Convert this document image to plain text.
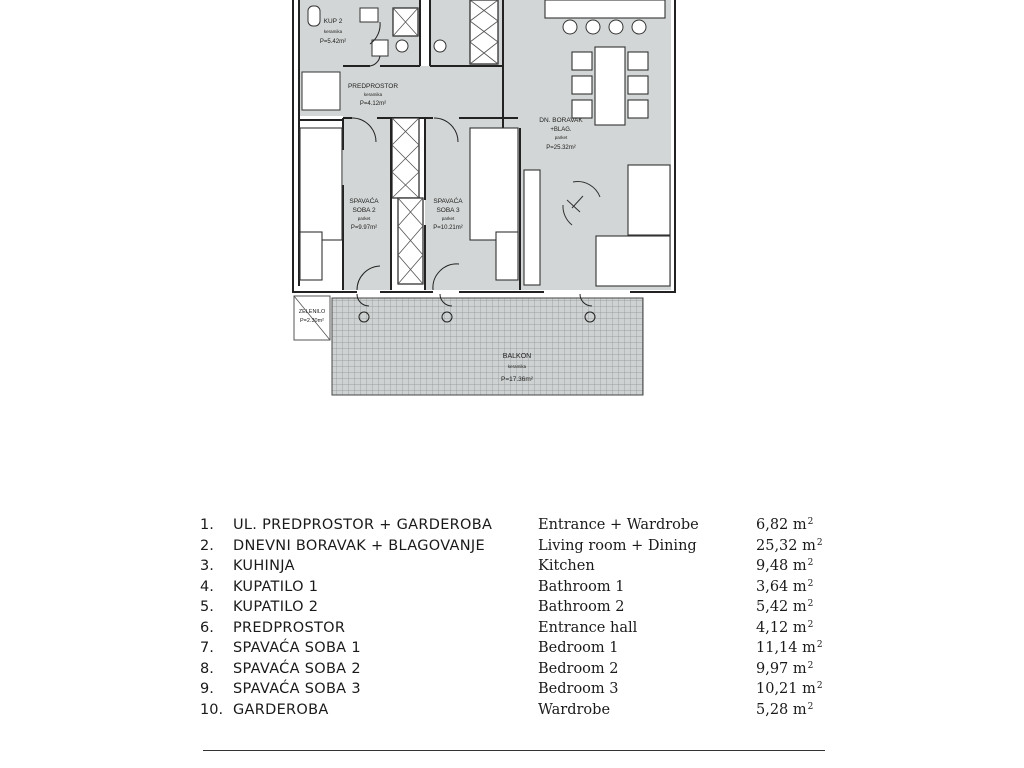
KUP 2
keramika
P=5.42m²
PREDPROSTOR
keramika
P=4.12m²
DN. BORAVAK
+BLAG.
parket
P=25.32m²
SPAVAĆA
SOBA 2
parket
P=9.97m²
SPAVAĆA
SOBA 3
parket
P=10.21m²
ZELENILO
P=2.30m²
BALKON
keramika
P=17.36m²
1. UL. PREDPROSTOR + GARDEROBA	Entrance + Wardrobe	6,82 $m^2$
2. DNEVNI BORAVAK + BLAGOVANJE	Living room + Dining	25,32 $m^2$
3. KUHINJA	Kitchen	9,48 $m^2$
4. KUPATILO 1	Bathroom 1	3,64 $m^2$
5. KUPATILO 2	Bathroom 2	5,42 $m^2$
6. PREDPROSTOR	Entrance hall	4,12 $m^2$
7. SPAVAĆA SOBA 1	Bedroom 1	11,14 $m^2$
8. SPAVAĆA SOBA 2	Bedroom 2	9,97 $m^2$
9. SPAVAĆA SOBA 3	Bedroom 3	10,21 $m^2$
10. GARDEROBA	Wardrobe	5,28 $m^2$
